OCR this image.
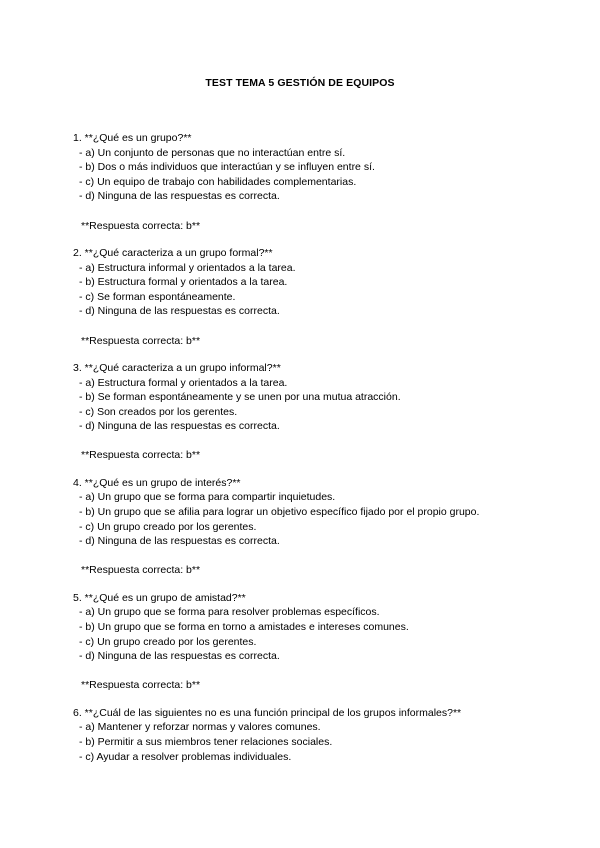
TEST TEMA 5 GESTIÓN DE EQUIPOS

1. **¿Qué es un grupo?**

- a) Un conjunto de personas que no interactúan entre sí.

- b) Dos o más individuos que interactúan y se influyen entre sí.

- c) Un equipo de trabajo con habilidades complementarias.

- d) Ninguna de las respuestas es correcta.

**Respuesta correcta: b**

2. **¿Qué caracteriza a un grupo formal?**

- a) Estructura informal y orientados a la tarea.

- b) Estructura formal y orientados a la tarea.

- c) Se forman espontáneamente.

- d) Ninguna de las respuestas es correcta.

**Respuesta correcta: b**

3. **¿Qué caracteriza a un grupo informal?**

- a) Estructura formal y orientados a la tarea.

- b) Se forman espontáneamente y se unen por una mutua atracción.

- c) Son creados por los gerentes.

- d) Ninguna de las respuestas es correcta.

**Respuesta correcta: b**

4. **¿Qué es un grupo de interés?**

- a) Un grupo que se forma para compartir inquietudes.

- b) Un grupo que se afilia para lograr un objetivo específico fijado por el propio grupo.

- c) Un grupo creado por los gerentes.

- d) Ninguna de las respuestas es correcta.

**Respuesta correcta: b**

5. **¿Qué es un grupo de amistad?**

- a) Un grupo que se forma para resolver problemas específicos.

- b) Un grupo que se forma en torno a amistades e intereses comunes.

- c) Un grupo creado por los gerentes.

- d) Ninguna de las respuestas es correcta.

**Respuesta correcta: b**

6. **¿Cuál de las siguientes no es una función principal de los grupos informales?**

- a) Mantener y reforzar normas y valores comunes.

- b) Permitir a sus miembros tener relaciones sociales.

- c) Ayudar a resolver problemas individuales.
